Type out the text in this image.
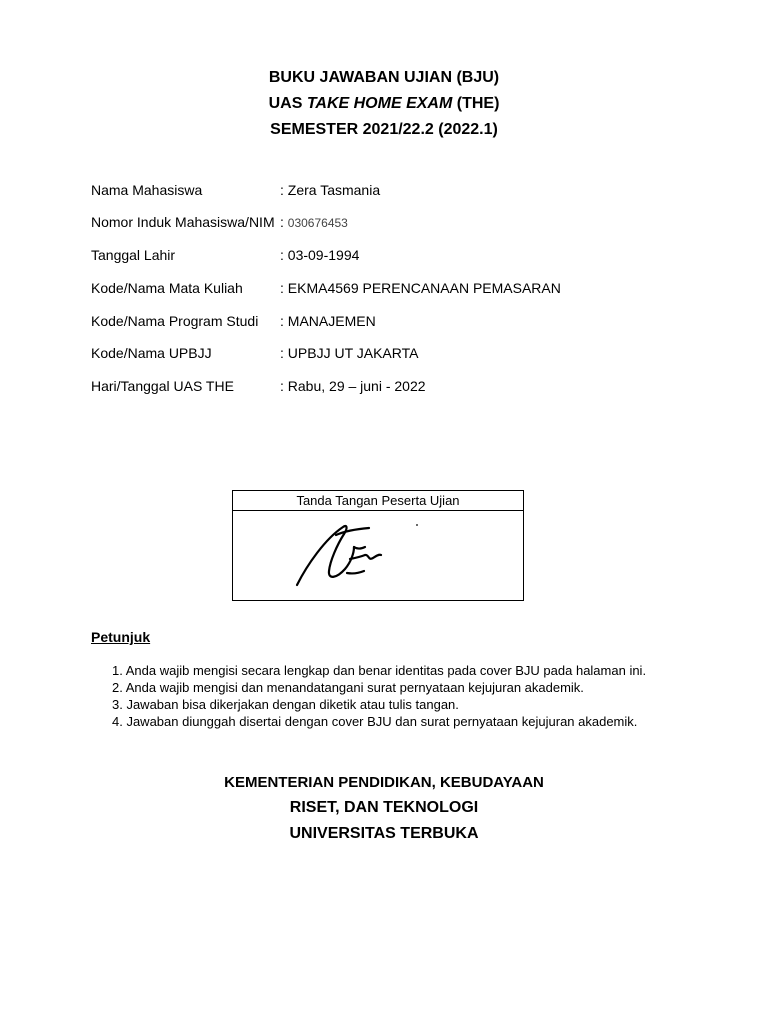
BUKU JAWABAN UJIAN (BJU)
UAS TAKE HOME EXAM (THE)
SEMESTER 2021/22.2 (2022.1)
Nama Mahasiswa	: Zera Tasmania
Nomor Induk Mahasiswa/NIM : 030676453
Tanggal Lahir	: 03-09-1994
Kode/Nama Mata Kuliah	: EKMA4569 PERENCANAAN PEMASARAN
Kode/Nama Program Studi : MANAJEMEN
Kode/Nama UPBJJ	: UPBJJ UT JAKARTA
Hari/Tanggal UAS THE	: Rabu, 29 – juni - 2022
Tanda Tangan Peserta Ujian
Petunjuk
1. Anda wajib mengisi secara lengkap dan benar identitas pada cover BJU pada halaman ini.
2. Anda wajib mengisi dan menandatangani surat pernyataan kejujuran akademik.
3. Jawaban bisa dikerjakan dengan diketik atau tulis tangan.
4. Jawaban diunggah disertai dengan cover BJU dan surat pernyataan kejujuran akademik.
KEMENTERIAN PENDIDIKAN, KEBUDAYAAN
RISET, DAN TEKNOLOGI
UNIVERSITAS TERBUKA
